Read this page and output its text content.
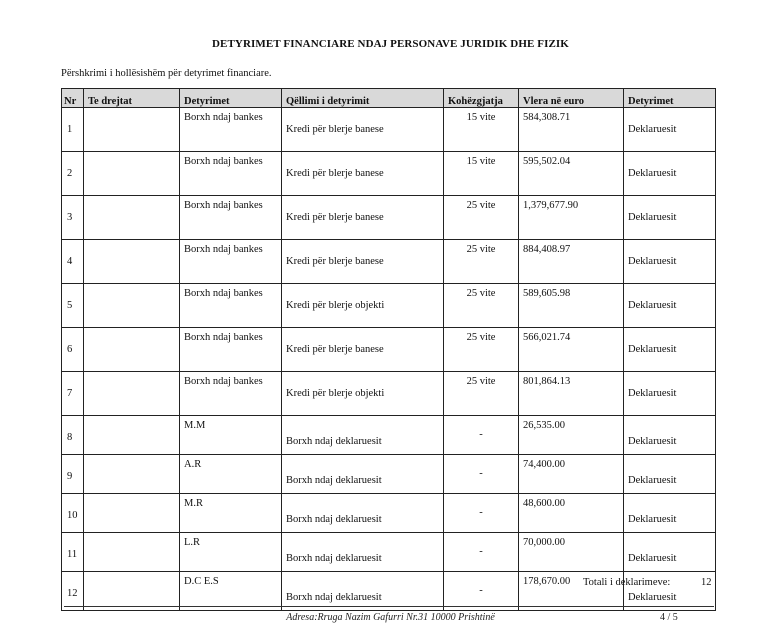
DETYRIMET FINANCIARE NDAJ PERSONAVE JURIDIK DHE FIZIK
Përshkrimi i hollësishëm për detyrimet financiare.
Nr	Te drejtat	Detyrimet	Qëllimi i detyrimit	Kohëzgjatja	Vlera në euro	Detyrimet
1		Borxh ndaj bankes	Kredi për blerje banese	15 vite	584,308.71	Deklaruesit
2		Borxh ndaj bankes	Kredi për blerje banese	15 vite	595,502.04	Deklaruesit
3		Borxh ndaj bankes	Kredi për blerje banese	25 vite	1,379,677.90	Deklaruesit
4		Borxh ndaj bankes	Kredi për blerje banese	25 vite	884,408.97	Deklaruesit
5		Borxh ndaj bankes	Kredi për blerje objekti	25 vite	589,605.98	Deklaruesit
6		Borxh ndaj bankes	Kredi për blerje banese	25 vite	566,021.74	Deklaruesit
7		Borxh ndaj bankes	Kredi për blerje objekti	25 vite	801,864.13	Deklaruesit
8		M.M	Borxh ndaj deklaruesit	-	26,535.00	Deklaruesit
9		A.R	Borxh ndaj deklaruesit	-	74,400.00	Deklaruesit
10		M.R	Borxh ndaj deklaruesit	-	48,600.00	Deklaruesit
11		L.R	Borxh ndaj deklaruesit	-	70,000.00	Deklaruesit
12		D.C E.S	Borxh ndaj deklaruesit	-	178,670.00	Deklaruesit
Totali i deklarimeve:	12
Adresa:Rruga Nazim Gafurri Nr.31 10000 Prishtinë	4 / 5
